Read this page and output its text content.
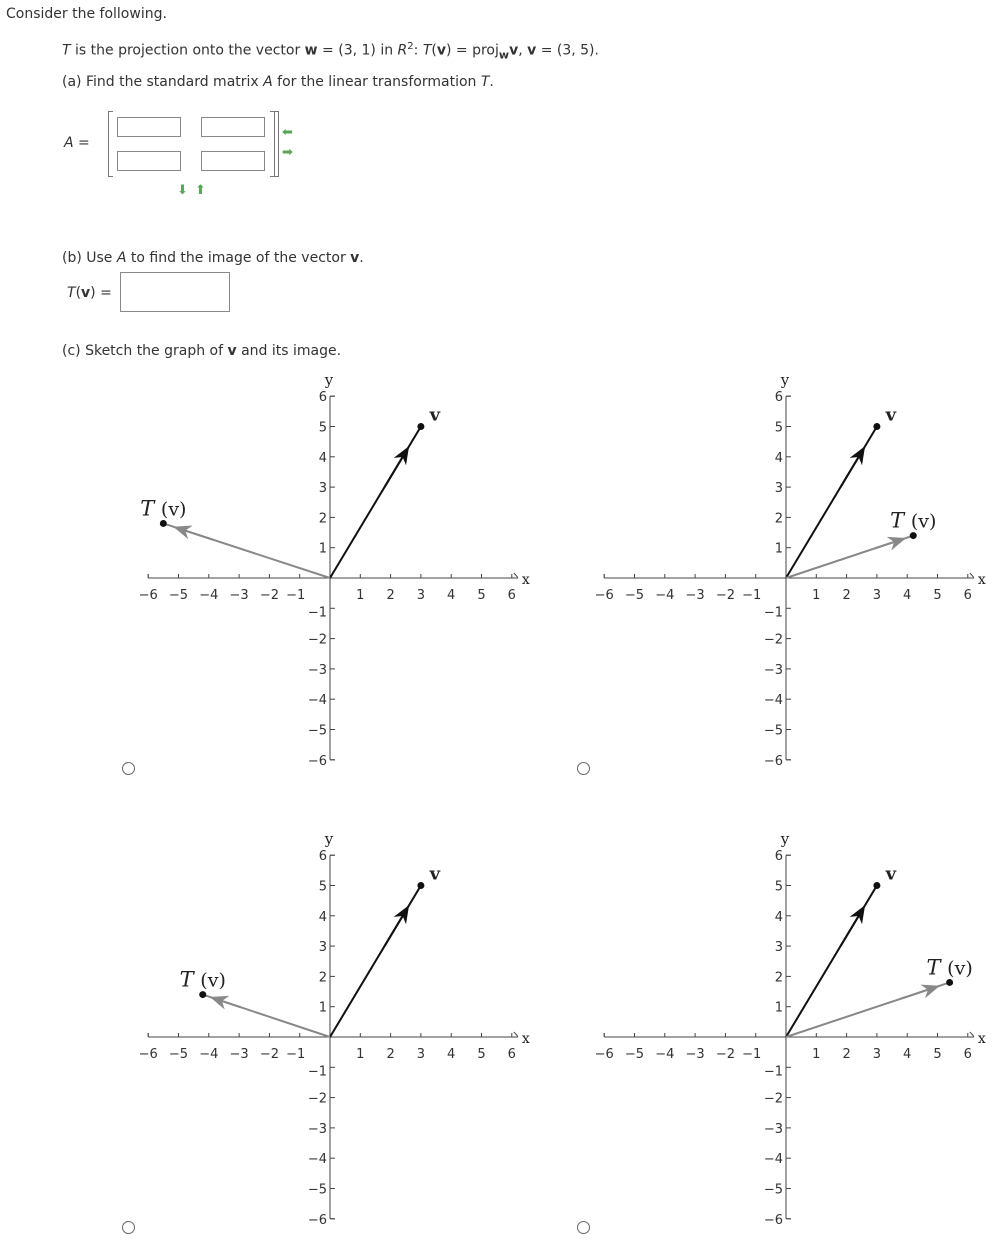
Consider the following.
T is the projection onto the vector w = (3, 1) in $R^2$: T(v) = proj$_w$v, v = (3, 5).
(a) Find the standard matrix A for the linear transformation T.
A =
⬅
➡
⬇ ⬆
(b) Use A to find the image of the vector v.
T(v) =
(c) Sketch the graph of v and its image.
x
y
−6 −5 −4 −3 −2 −1	1 2 3 4 5 6
−6
−5
−4
−3
−2
−1
1
2
3
4
5
6
v
T (v)
x
y
−6 −5 −4 −3 −2 −1	1 2 3 4 5 6
−6
−5
−4
−3
−2
−1
1
2
3
4
5
6
v
T (v)
x
y
−6 −5 −4 −3 −2 −1	1 2 3 4 5 6
−6
−5
−4
−3
−2
−1
1
2
3
4
5
6
v
T (v)
x
y
−6 −5 −4 −3 −2 −1	1 2 3 4 5 6
−6
−5
−4
−3
−2
−1
1
2
3
4
5
6
v
T (v)
